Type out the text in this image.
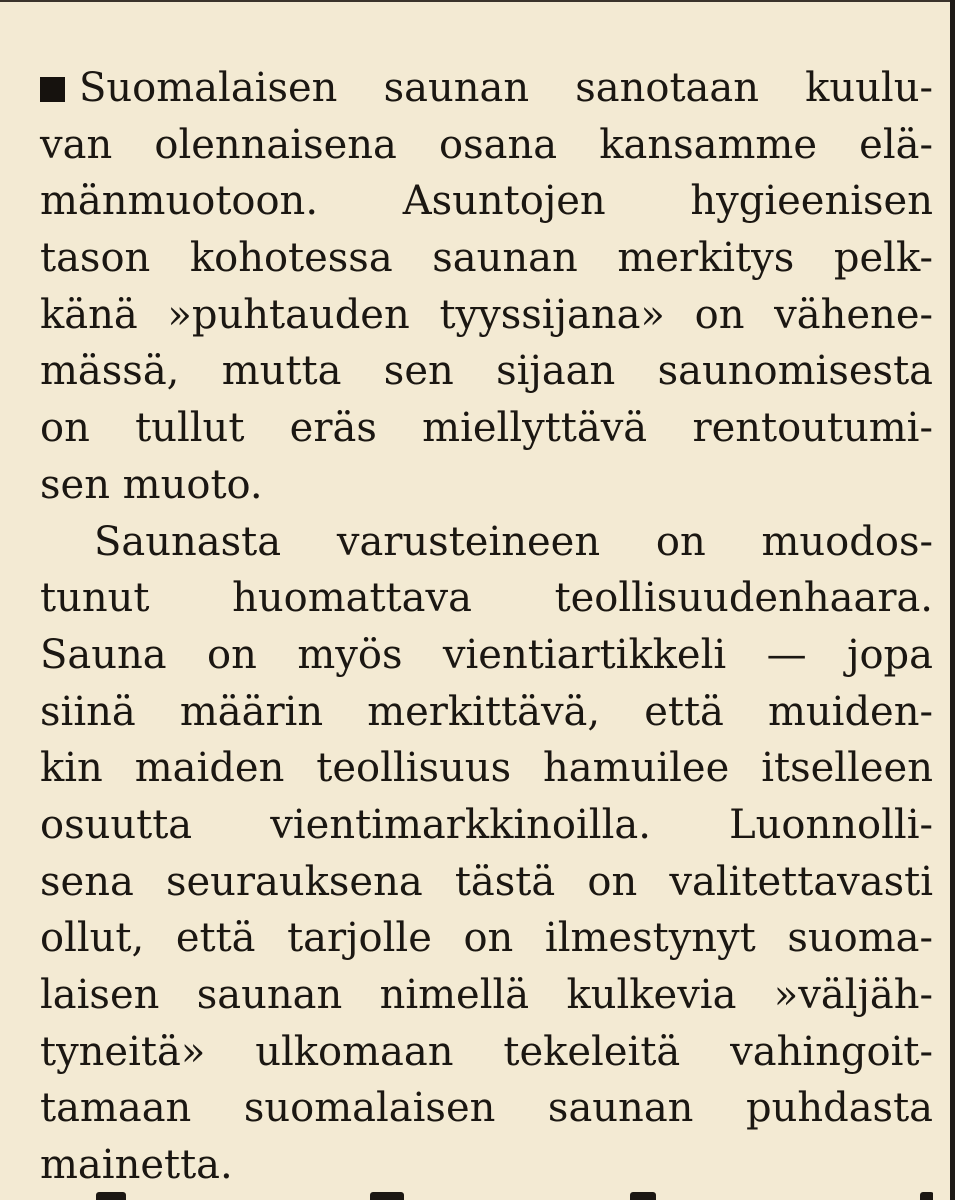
Suomalaisen saunan sanotaan kuulu-
van olennaisena osana kansamme elä-
mänmuotoon. Asuntojen hygieenisen
tason kohotessa saunan merkitys pelk-
känä »puhtauden tyyssijana» on vähene-
mässä, mutta sen sijaan saunomisesta
on tullut eräs miellyttävä rentoutumi-
sen muoto.
Saunasta varusteineen on muodos-
tunut huomattava teollisuudenhaara.
Sauna on myös vientiartikkeli — jopa
siinä määrin merkittävä, että muiden-
kin maiden teollisuus hamuilee itselleen
osuutta vientimarkkinoilla. Luonnolli-
sena seurauksena tästä on valitettavasti
ollut, että tarjolle on ilmestynyt suoma-
laisen saunan nimellä kulkevia »väljäh-
tyneitä» ulkomaan tekeleitä vahingoit-
tamaan suomalaisen saunan puhdasta
mainetta.
